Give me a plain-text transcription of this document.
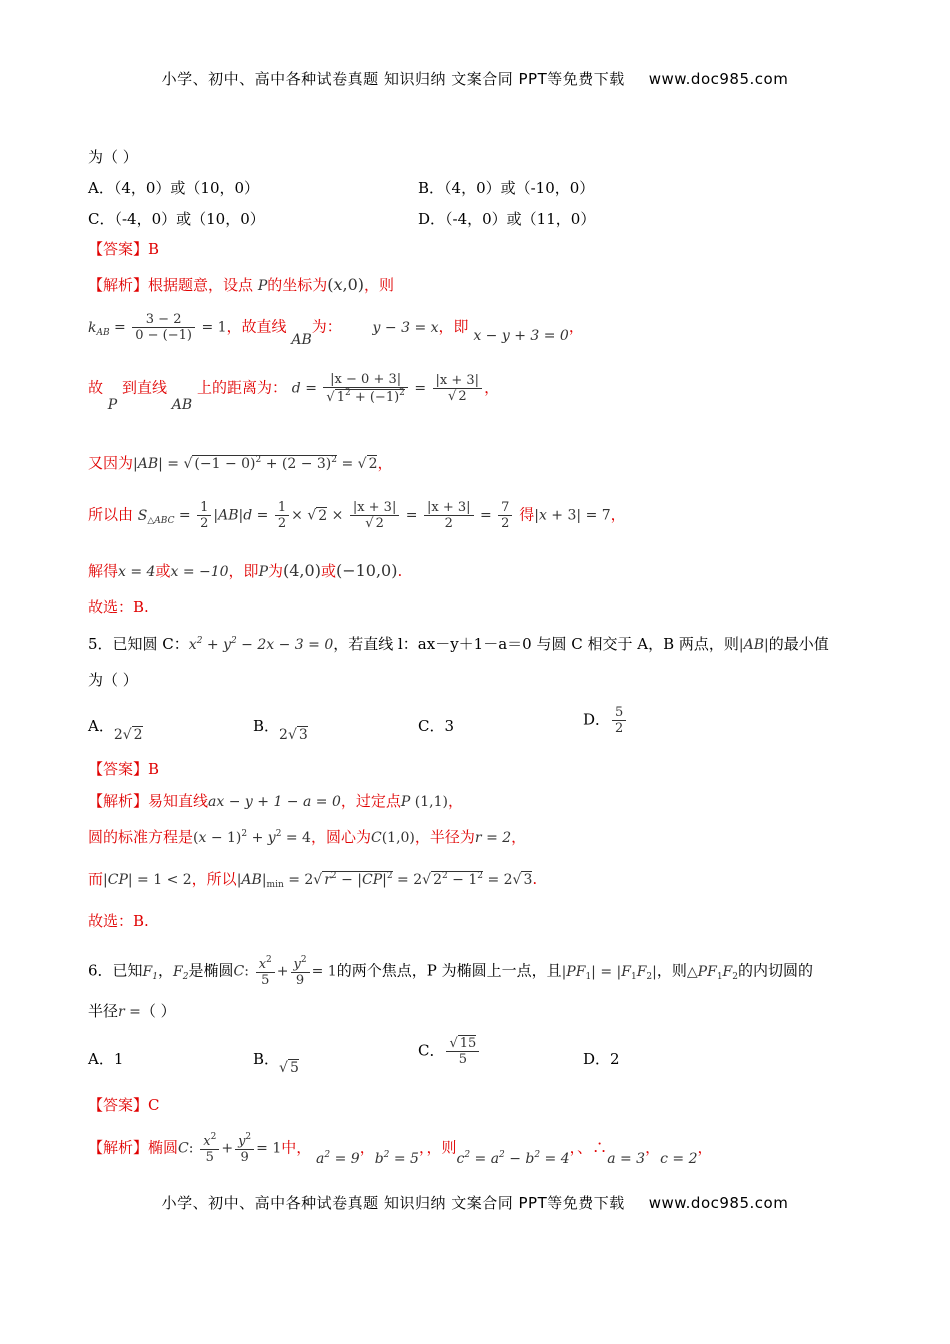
小学、初中、高中各种试卷真题 知识归纳 文案合同 PPT等免费下载 www.doc985.com
为（ ）
A．（4，0）或（10，0）	B．（4，0）或（-10，0）
C．（-4，0）或（10，0）	D．（-4，0）或（11，0）
【答案】B
【解析】根据题意，设点 P的坐标为(x,0)，则
$k_{AB} = \frac{3 - 2}{0 - (-1)} = 1$，故直线 AB为： y − 3 = x，即 x − y + 3 = 0，
故 P 到直线 AB 上的距离为： $d = \frac{|x - 0 + 3|}{√ 1^2 + (-1)^2} = \frac{|x + 3|}{√ 2}$ ，
又因为|AB| = √ $(-1 - 0)^2 + (2 - 3)^2$ = √ 2，
所以由 $S_{\triangle ABC} = \frac{1}{2} |AB|d = \frac{1}{2}$ × √ $2 \times \frac{|x + 3|}{√ 2} = \frac{|x + 3|}{2} = \frac{7}{2}$ 得|x + 3| = 7，
解得x = 4或x = −10，即P为(4,0)或(−10,0).
故选：B.
5．已知圆 C：$x^2 + y^2 - 2x - 3 = 0$，若直线 l：ax－y＋1－a＝0 与圆 C 相交于 A，B 两点，则|AB|的最小值
为（ ）
A．2√ 2	B．2√ 3	C．3	D． $\frac{5}{2}$
【答案】B
【解析】易知直线ax − y + 1 − a = 0，过定点P (1,1)，
圆的标准方程是$(x - 1)^2 + y^2 = 4$，圆心为C(1,0)，半径为r = 2，
而|CP| = 1 < 2，所以$|AB|_{min} = 2√$ $r^2 - |CP|^2 = 2√$ $2^2 - 1^2 = 2√$ 3.
故选：B.
6．已知$F_1$，$F_2$是椭圆C: $\frac{x^2}{5} + \frac{y^2}{9} = 1$的两个焦点，P 为椭圆上一点，且$|PF_1| = |F_1F_2|$，则$\triangle PF_1F_2$的内切圆的
半径r =（ ）
A．1	B．√ 5
C． $\frac{√ 15}{5}$	D．2
【答案】C
【解析】椭圆C: $\frac{x^2}{5} + \frac{y^2}{9} = 1$中， $a^2 = 9$，$b^2 = 5$，，则$c^2 = a^2 - b^2 = 4$，、∴a = 3，c = 2，
小学、初中、高中各种试卷真题 知识归纳 文案合同 PPT等免费下载 www.doc985.com
